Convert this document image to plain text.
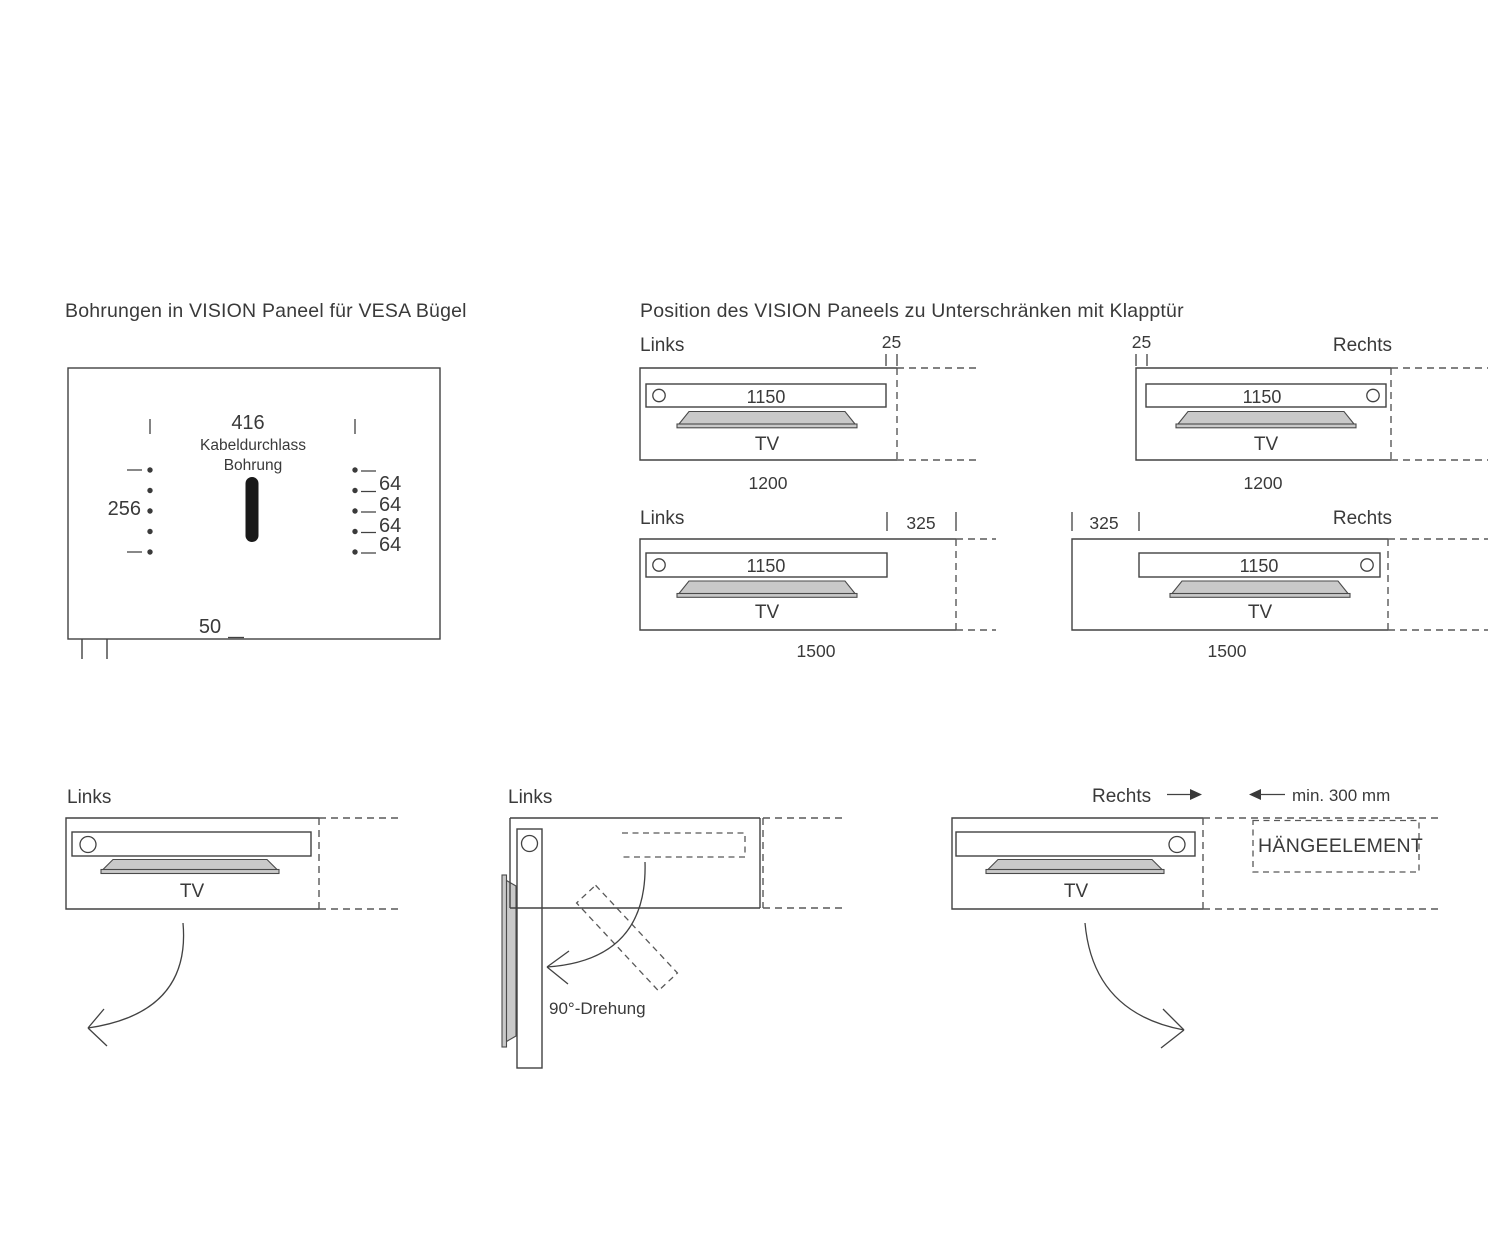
Bohrungen in VISION Paneel für VESA Bügel
256
416
Kabeldurchlass
Bohrung
64
64
64
64
50
Position des VISION Paneels zu Unterschränken mit Klapptür
Links	25
1150
TV
1200
25	Rechts
1150
TV
1200
Links	325
1150
TV
1500
325	Rechts
1150
TV
1500
Links
TV
Links
90°-Drehung
Rechts	min. 300 mm
TV
HÄNGEELEMENT
